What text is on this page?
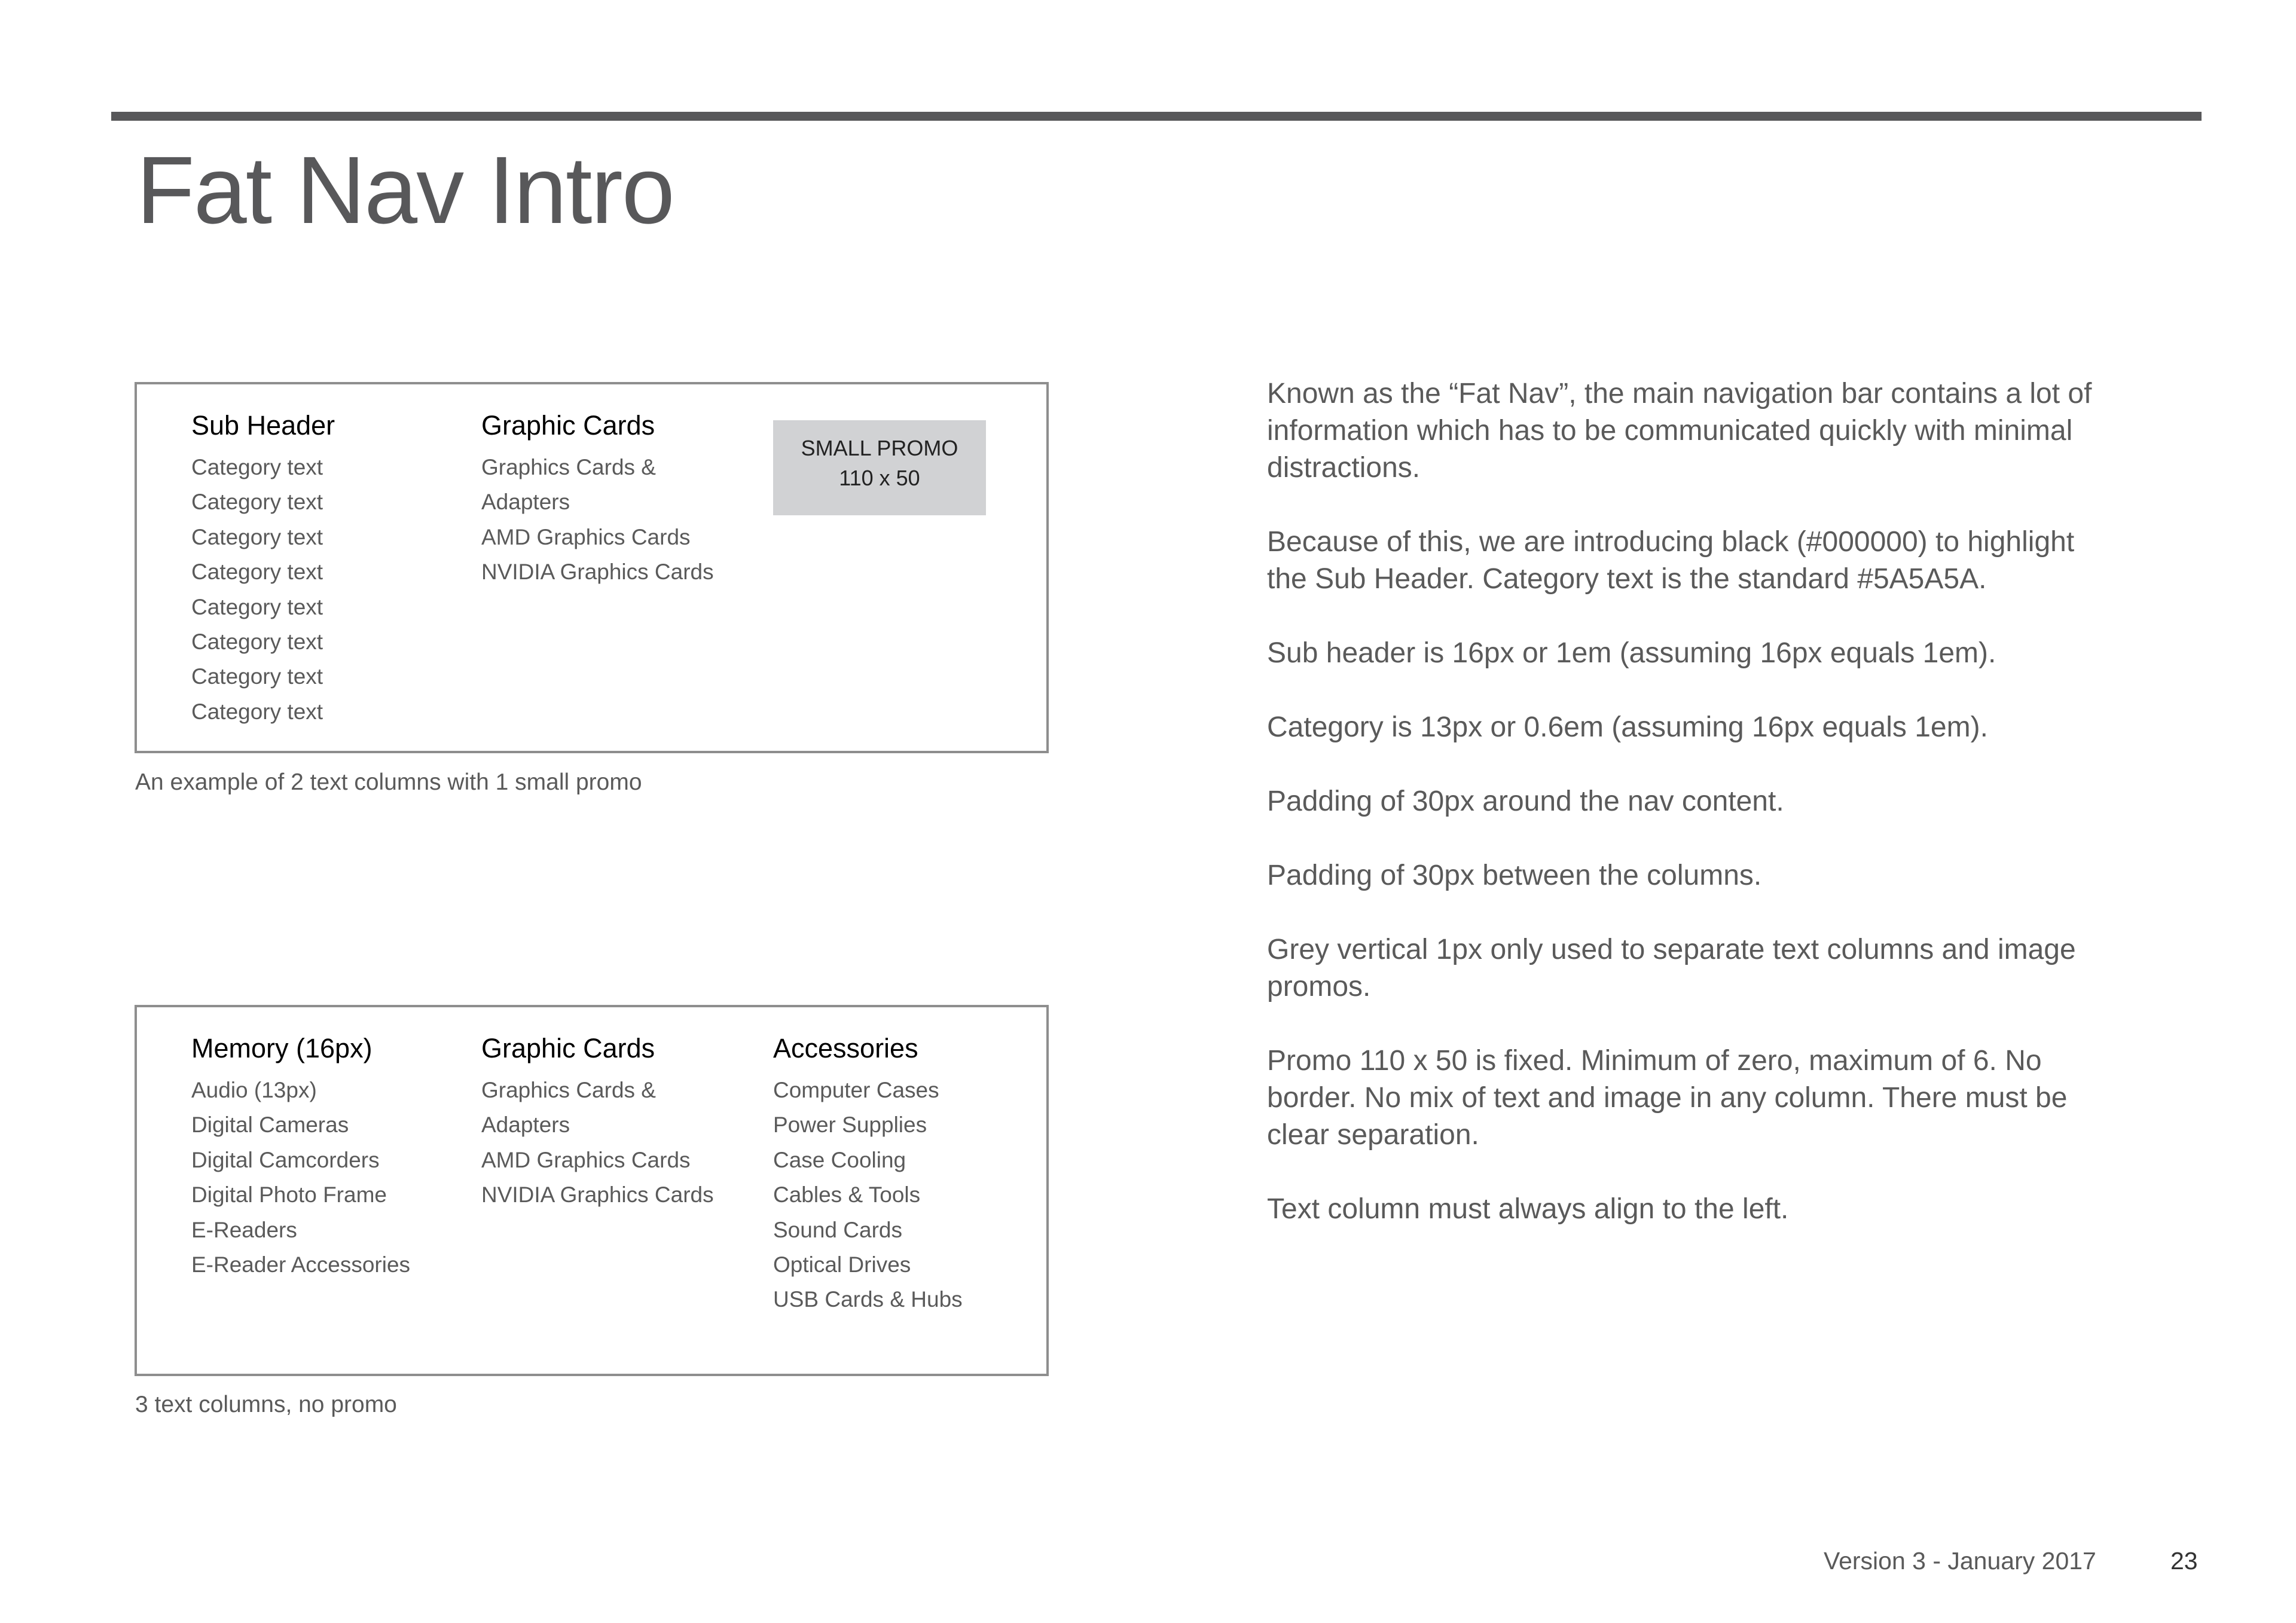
Fat Nav Intro
Sub Header
Category text
Category text
Category text
Category text
Category text
Category text
Category text
Category text
Graphic Cards
Graphics Cards &
Adapters
AMD Graphics Cards
NVIDIA Graphics Cards
SMALL PROMO
110 x 50
An example of 2 text columns with 1 small promo
Memory (16px)
Audio (13px)
Digital Cameras
Digital Camcorders
Digital Photo Frame
E-Readers
E-Reader Accessories
Graphic Cards
Graphics Cards &
Adapters
AMD Graphics Cards
NVIDIA Graphics Cards
Accessories
Computer Cases
Power Supplies
Case Cooling
Cables & Tools
Sound Cards
Optical Drives
USB Cards & Hubs
3 text columns, no promo

Known as the “Fat Nav”, the main navigation bar contains a lot of information which has to be communicated quickly with minimal distractions.

Because of this, we are introducing black (#000000) to highlight the Sub Header. Category text is the standard #5A5A5A.

Sub header is 16px or 1em (assuming 16px equals 1em).

Category is 13px or 0.6em (assuming 16px equals 1em).

Padding of 30px around the nav content.

Padding of 30px between the columns.

Grey vertical 1px only used to separate text columns and image promos.

Promo 110 x 50 is fixed. Minimum of zero, maximum of 6. No border. No mix of text and image in any column. There must be clear separation.

Text column must always align to the left.

Version 3 - January 2017	23
